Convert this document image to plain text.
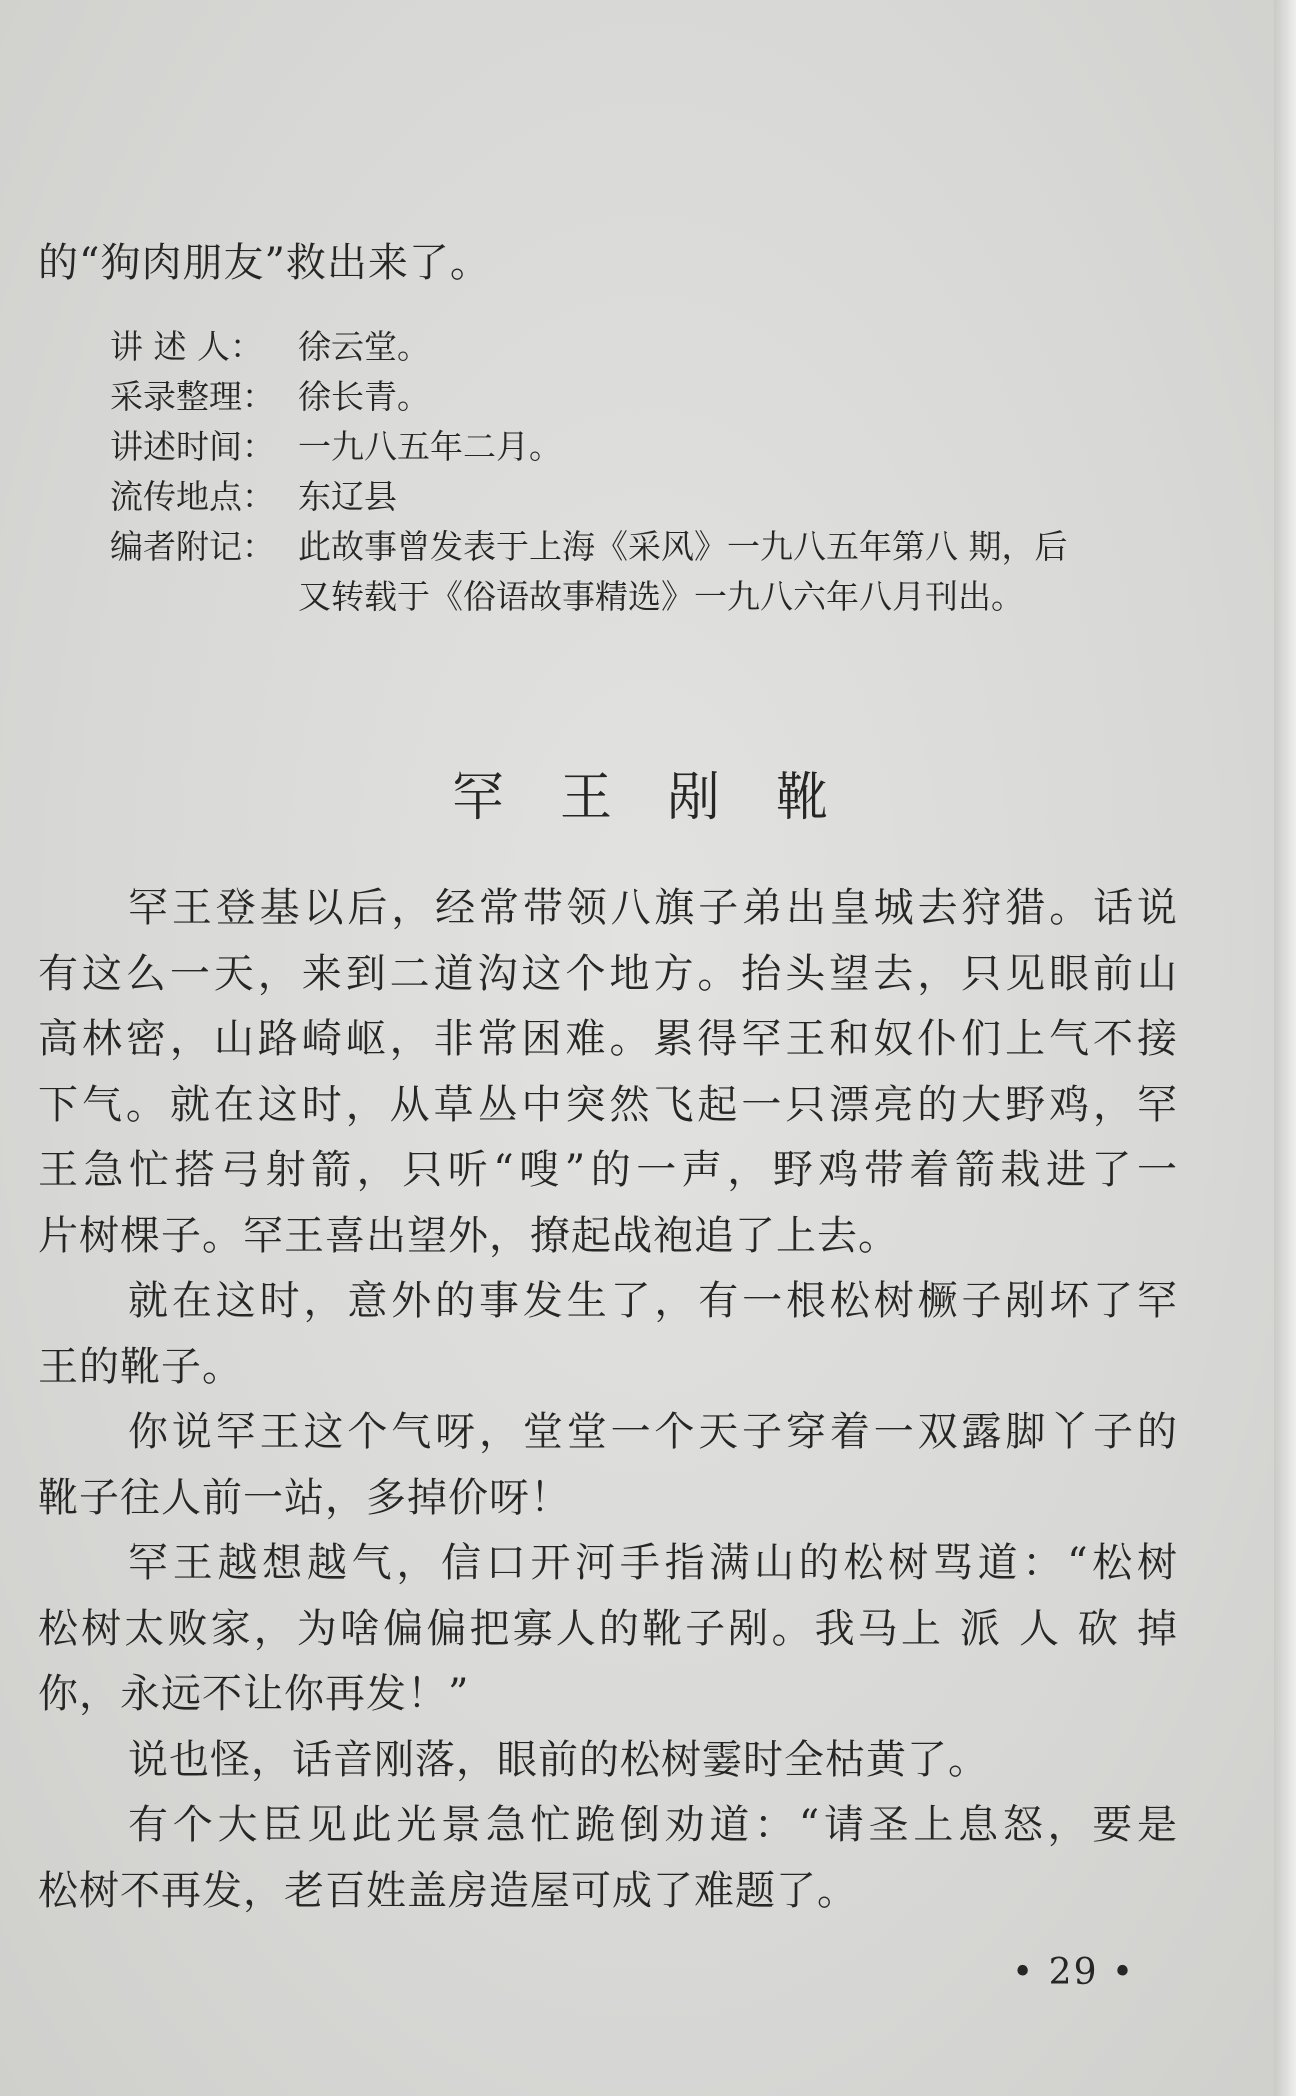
的“狗肉朋友”救出来了。
讲 述 人：	徐云堂。
采录整理： 徐长青。
讲述时间： 一九八五年二月。
流传地点： 东辽县
编者附记： 此故事曾发表于上海《采风》一九八五年第八 期，后
又转载于《俗语故事精选》一九八六年八月刊出。
罕王剐靴
罕王登基以后，经常带领八旗子弟出皇城去狩猎。话说
有这么一天，来到二道沟这个地方。抬头望去，只见眼前山
高林密，山路崎岖，非常困难。累得罕王和奴仆们上气不接
下气。就在这时，从草丛中突然飞起一只漂亮的大野鸡，罕
王急忙搭弓射箭，只听“嗖”的一声，野鸡带着箭栽进了一
片树棵子。罕王喜出望外，撩起战袍追了上去。
就在这时，意外的事发生了，有一根松树橛子剐坏了罕
王的靴子。
你说罕王这个气呀，堂堂一个天子穿着一双露脚丫子的
靴子往人前一站，多掉价呀！
罕王越想越气，信口开河手指满山的松树骂道：“松树
松树太败家，为啥偏偏把寡人的靴子剐。我马上 派 人 砍 掉
你，永远不让你再发！”
说也怪，话音刚落，眼前的松树霎时全枯黄了。
有个大臣见此光景急忙跪倒劝道：“请圣上息怒，要是
松树不再发，老百姓盖房造屋可成了难题了。
• 29 •
